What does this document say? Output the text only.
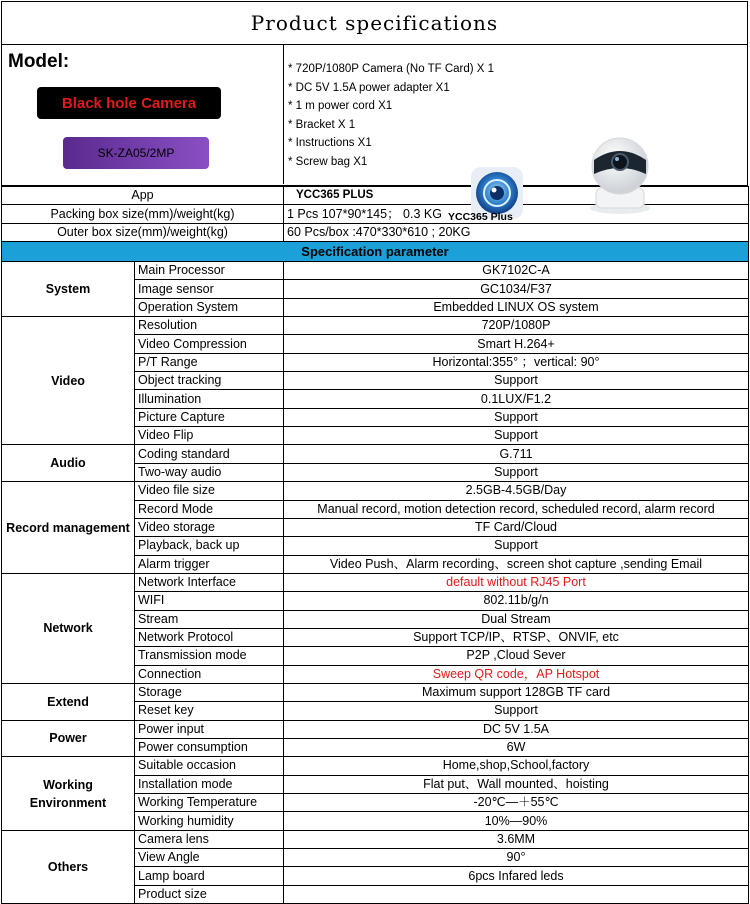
Product specifications
Model:
Black hole Camera
SK-ZA05/2MP
* 720P/1080P Camera (No TF Card) X 1
* DC 5V 1.5A power adapter X1
* 1 m power cord X1
* Bracket X 1
* Instructions X1
* Screw bag X1
YCC365 Plus
App		YCC365 PLUS
Packing box size(mm)/weight(kg)		1 Pcs 107*90*145； 0.3 KG
Outer box size(mm)/weight(kg)		60 Pcs/box :470*330*610 ; 20KG
Specification parameter		
System	Main Processor	GK7102C-A
	Image sensor	GC1034/F37
	Operation System	Embedded LINUX OS system
Video	Resolution	720P/1080P
	Video Compression	Smart H.264+
	P/T Range	Horizontal:355° ；vertical: 90°
	Object tracking	Support
	Illumination	0.1LUX/F1.2
	Picture Capture	Support
	Video Flip	Support
Audio	Coding standard	G.711
	Two-way audio	Support
Record management	Video file size	2.5GB-4.5GB/Day
	Record Mode	Manual record, motion detection record, scheduled record, alarm record
	Video storage	TF Card/Cloud
	Playback, back up	Support
	Alarm trigger	Video Push、Alarm recording、screen shot capture ,sending Email
Network	Network Interface	default without RJ45 Port
	WIFI	802.11b/g/n
	Stream	Dual Stream
	Network Protocol	Support TCP/IP、RTSP、ONVIF, etc
	Transmission mode	P2P ,Cloud Sever
	Connection	Sweep QR code，AP Hotspot
Extend	Storage	Maximum support 128GB TF card
	Reset key	Support
Power	Power input	DC 5V 1.5A
	Power consumption	6W
Working Environment	Suitable occasion	Home,shop,School,factory
	Installation mode	Flat put、Wall mounted、hoisting
	Working Temperature	-20℃—＋55℃
	Working humidity	10%—90%
Others	Camera lens	3.6MM
	View Angle	90°
	Lamp board	6pcs Infared leds
	Product size	
